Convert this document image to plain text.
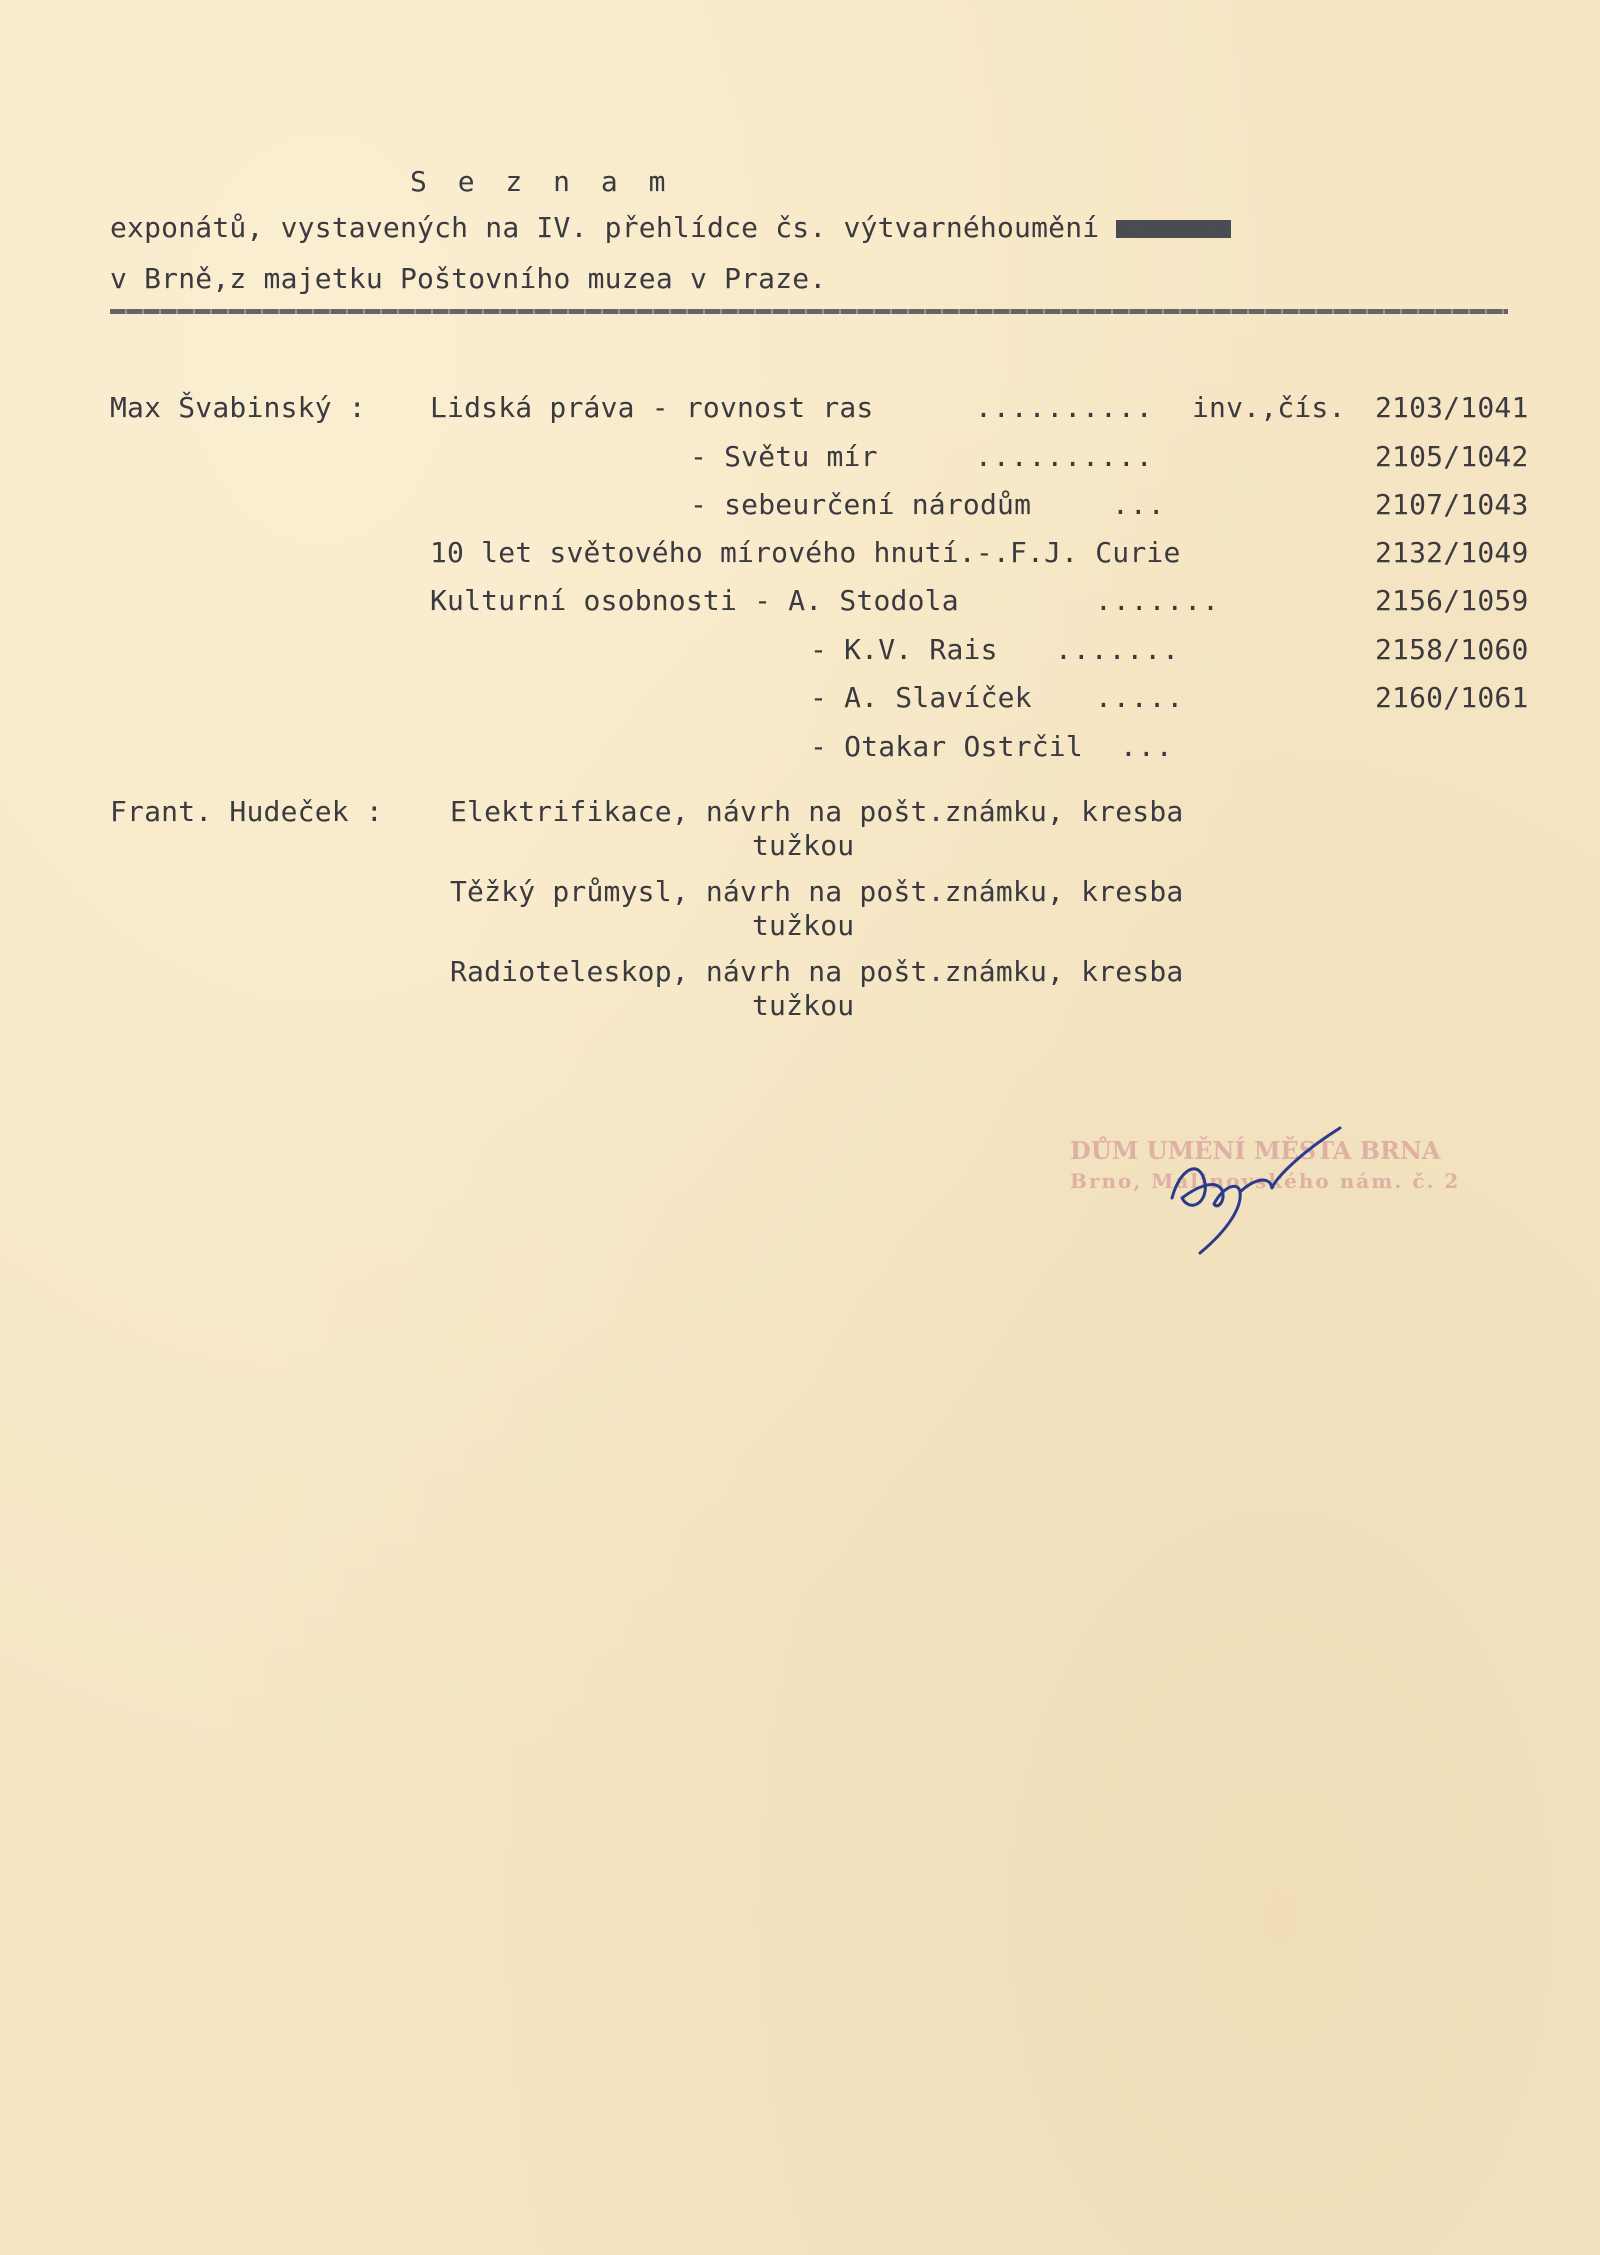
S e z n a m
exponátů, vystavených na IV. přehlídce čs. výtvarnéhoumění x Praze x
v Brně,z majetku Poštovního muzea v Praze.
Max Švabinský : Lidská práva - rovnost ras	.......... inv.,čís. 2103/1041
- Světu mír	..........	2105/1042
- sebeurčení národům	...	2107/1043
10 let světového mírového hnutí.-.F.J. Curie	2132/1049
Kulturní osobnosti - A. Stodola	.......	2156/1059
- K.V. Rais .......	2158/1060
- A. Slavíček .....	2160/1061
- Otakar Ostrčil ...
Frant. Hudeček : Elektrifikace, návrh na pošt.známku, kresba
tužkou
Těžký průmysl, návrh na pošt.známku, kresba
tužkou
Radioteleskop, návrh na pošt.známku, kresba
tužkou
DŮM UMĚNÍ MĚSTA BRNA
Brno, Malinovského nám. č. 2
